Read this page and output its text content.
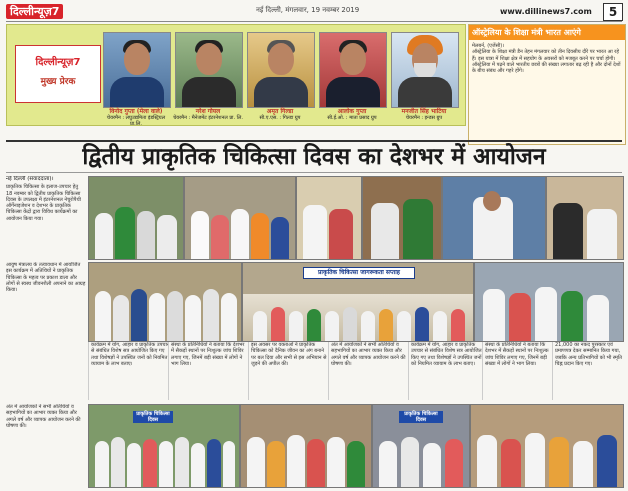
दिल्लीन्यूज़7	नई दिल्ली, मंगलवार, 19 नवम्बर 2019	www.dillinews7.com	5
दिल्लीन्यूज़7
मुख्य प्रेरक
विनोद गुप्ता (मेला वाले)
चेयरमैन : लघुउद्यमिता इंडस्ट्रियल प्रा.लि.
नरेश गोयल
चेयरमैन : मैनेजमेंट इंटरनेशनल प्रा. लि.
अमृत गिल्डा
सी.ए.एस. : गिल्डा ग्रुप
आलोक गुप्ता
सी.ई.ओ. : माता प्रसाद ग्रुप
मनजीत सिंह भाटिया
चेयरमैन : इन्डस ग्रुप
ऑस्ट्रेलिया के शिक्षा मंत्री भारत आएंगे
मेलबर्न, (एजेंसी)।
ऑस्ट्रेलिया के शिक्षा मंत्री डैन तेहन मंगलवार को तीन दिवसीय दौरे पर भारत आ रहे हैं। इस यात्रा में शिक्षा क्षेत्र में सहयोग के अवसरों को मजबूत करने पर चर्चा होगी। ऑस्ट्रेलिया में पढ़ने वाले भारतीय छात्रों की संख्या लगातार बढ़ रही है और दोनों देशों के बीच संबंध और गहरे होंगे।
द्वितीय प्राकृतिक चिकित्सा दिवस का देशभर में आयोजन
नई दिल्ली (संवाददाता)।
प्राकृतिक चिकित्सा के इलाज-उपचार हेतु 18 नवम्बर को द्वितीय प्राकृतिक चिकित्सा दिवस के उपलक्ष्य में इंटरनेशनल नेचुरोपैथी ऑर्गेनाइजेशन व देशभर के प्राकृतिक चिकित्सा केंद्रों द्वारा विविध कार्यक्रमों का आयोजन किया गया।
प्राकृतिक चिकित्सा जागरूकता सप्ताह
आयुष मंत्रालय के तत्वावधान में आयोजित इस कार्यक्रम में अतिथियों ने प्राकृतिक चिकित्सा के महत्व पर प्रकाश डाला और लोगों से स्वस्थ जीवनशैली अपनाने का आग्रह किया।
कार्यक्रम में योग, आहार व प्राकृतिक उपचार से संबंधित विशेष सत्र आयोजित किए गए तथा विशेषज्ञों ने उपस्थित जनों को नियमित व्यायाम के लाभ बताए।
संस्था के प्रतिनिधियों ने बताया कि देशभर में सैकड़ों स्थानों पर निःशुल्क जांच शिविर लगाए गए, जिनमें बड़ी संख्या में लोगों ने भाग लिया।
इस अवसर पर वक्ताओं ने प्राकृतिक चिकित्सा को दैनिक जीवन का अंग बनाने पर बल दिया और सभी से इस अभियान से जुड़ने की अपील की।
अंत में आयोजकों ने सभी अतिथियों व सहभागियों का आभार व्यक्त किया और अगले वर्ष और व्यापक आयोजन करने की घोषणा की।
कार्यक्रम में योग, आहार व प्राकृतिक उपचार से संबंधित विशेष सत्र आयोजित किए गए तथा विशेषज्ञों ने उपस्थित जनों को नियमित व्यायाम के लाभ बताए।
संस्था के प्रतिनिधियों ने बताया कि देशभर में सैकड़ों स्थानों पर निःशुल्क जांच शिविर लगाए गए, जिनमें बड़ी संख्या में लोगों ने भाग लिया।
21,000 का नकद पुरस्कार एवं प्रमाणपत्र देकर सम्मानित किया गया, जबकि अन्य प्रतिभागियों को भी स्मृति चिह्न प्रदान किए गए।
प्राकृतिक चिकित्सा दिवस
प्राकृतिक चिकित्सा दिवस
अंत में आयोजकों ने सभी अतिथियों व सहभागियों का आभार व्यक्त किया और अगले वर्ष और व्यापक आयोजन करने की घोषणा की।
